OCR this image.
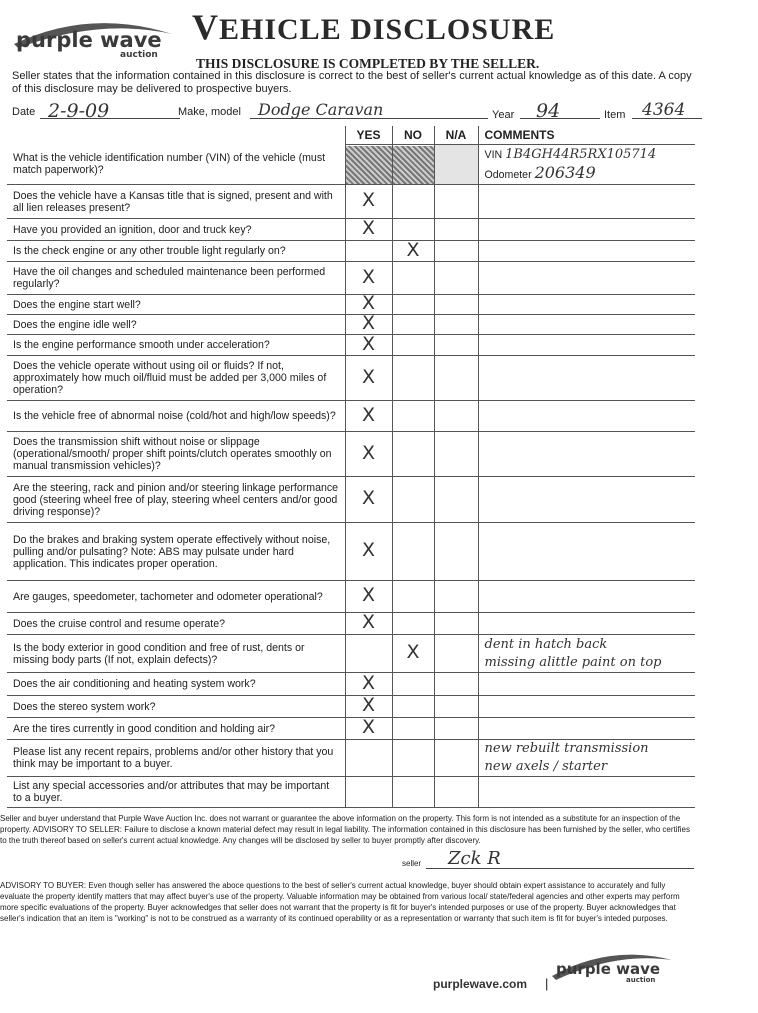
purple wave
auction
VEHICLE DISCLOSURE
THIS DISCLOSURE IS COMPLETED BY THE SELLER.
Seller states that the information contained in this disclosure is correct to the best of seller's current actual knowledge as of this date. A copy of this disclosure may be delivered to prospective buyers.
Date 2-9-09	Make, model	Dodge Caravan	Year	94	Item 4364
	YES	NO	N/A	COMMENTS
What is the vehicle identification number (VIN) of the vehicle (must match paperwork)?				VIN 1B4GH44R5RX105714
Odometer 206349

Does the vehicle have a Kansas title that is signed, present and with all lien releases present?	X			
Have you provided an ignition, door and truck key?	X			
Is the check engine or any other trouble light regularly on?		X		
Have the oil changes and scheduled maintenance been performed regularly?	X			
Does the engine start well?	X			
Does the engine idle well?	X			
Is the engine performance smooth under acceleration?	X			
Does the vehicle operate without using oil or fluids? If not, approximately how much oil/fluid must be added per 3,000 miles of operation?	X			
Is the vehicle free of abnormal noise (cold/hot and high/low speeds)?	X			
Does the transmission shift without noise or slippage (operational/smooth/ proper shift points/clutch operates smoothly on manual transmission vehicles)?	X			
Are the steering, rack and pinion and/or steering linkage performance good (steering wheel free of play, steering wheel centers and/or good driving response)?	X			
Do the brakes and braking system operate effectively without noise, pulling and/or pulsating? Note: ABS may pulsate under hard application. This indicates proper operation.	X			
Are gauges, speedometer, tachometer and odometer operational?	X			
Does the cruise control and resume operate?	X			
Is the body exterior in good condition and free of rust, dents or missing body parts (If not, explain defects)?		X		dent in hatch back
missing alittle paint on top

Does the air conditioning and heating system work?	X			
Does the stereo system work?	X			
Are the tires currently in good condition and holding air?	X			
Please list any recent repairs, problems and/or other history that you think may be important to a buyer.				new rebuilt transmission
new axels / starter

List any special accessories and/or attributes that may be important to a buyer.				
Seller and buyer understand that Purple Wave Auction Inc. does not warrant or guarantee the above information on the property. This form is not intended as a substitute for an inspection of the property. ADVISORY TO SELLER: Failure to disclose a known material defect may result in legal liability. The information contained in this disclosure has been furnished by the seller, who certifies to the truth thereof based on seller's current actual knowledge. Any changes will be disclosed by seller to buyer promptly after discovery.
seller	Zck R
ADVISORY TO BUYER: Even though seller has answered the aboce questions to the best of seller's current actual knowledge, buyer should obtain expert assistance to accurately and fully evaluate the property identify matters that may affect buyer's use of the property. Valuable information may be obtained from various local/ state/federal agencies and other experts may perform more specific evaluations of the property. Buyer acknowledges that seller does not warrant that the property is fit for buyer's intended purposes or use of the property. Buyer acknowledges that seller's indication that an item is "working" is not to be construed as a warranty of its continued operability or as a representation or warranty that such item is fit for buyer's inteded purposes.
purplewave.com |
purple wave
auction
